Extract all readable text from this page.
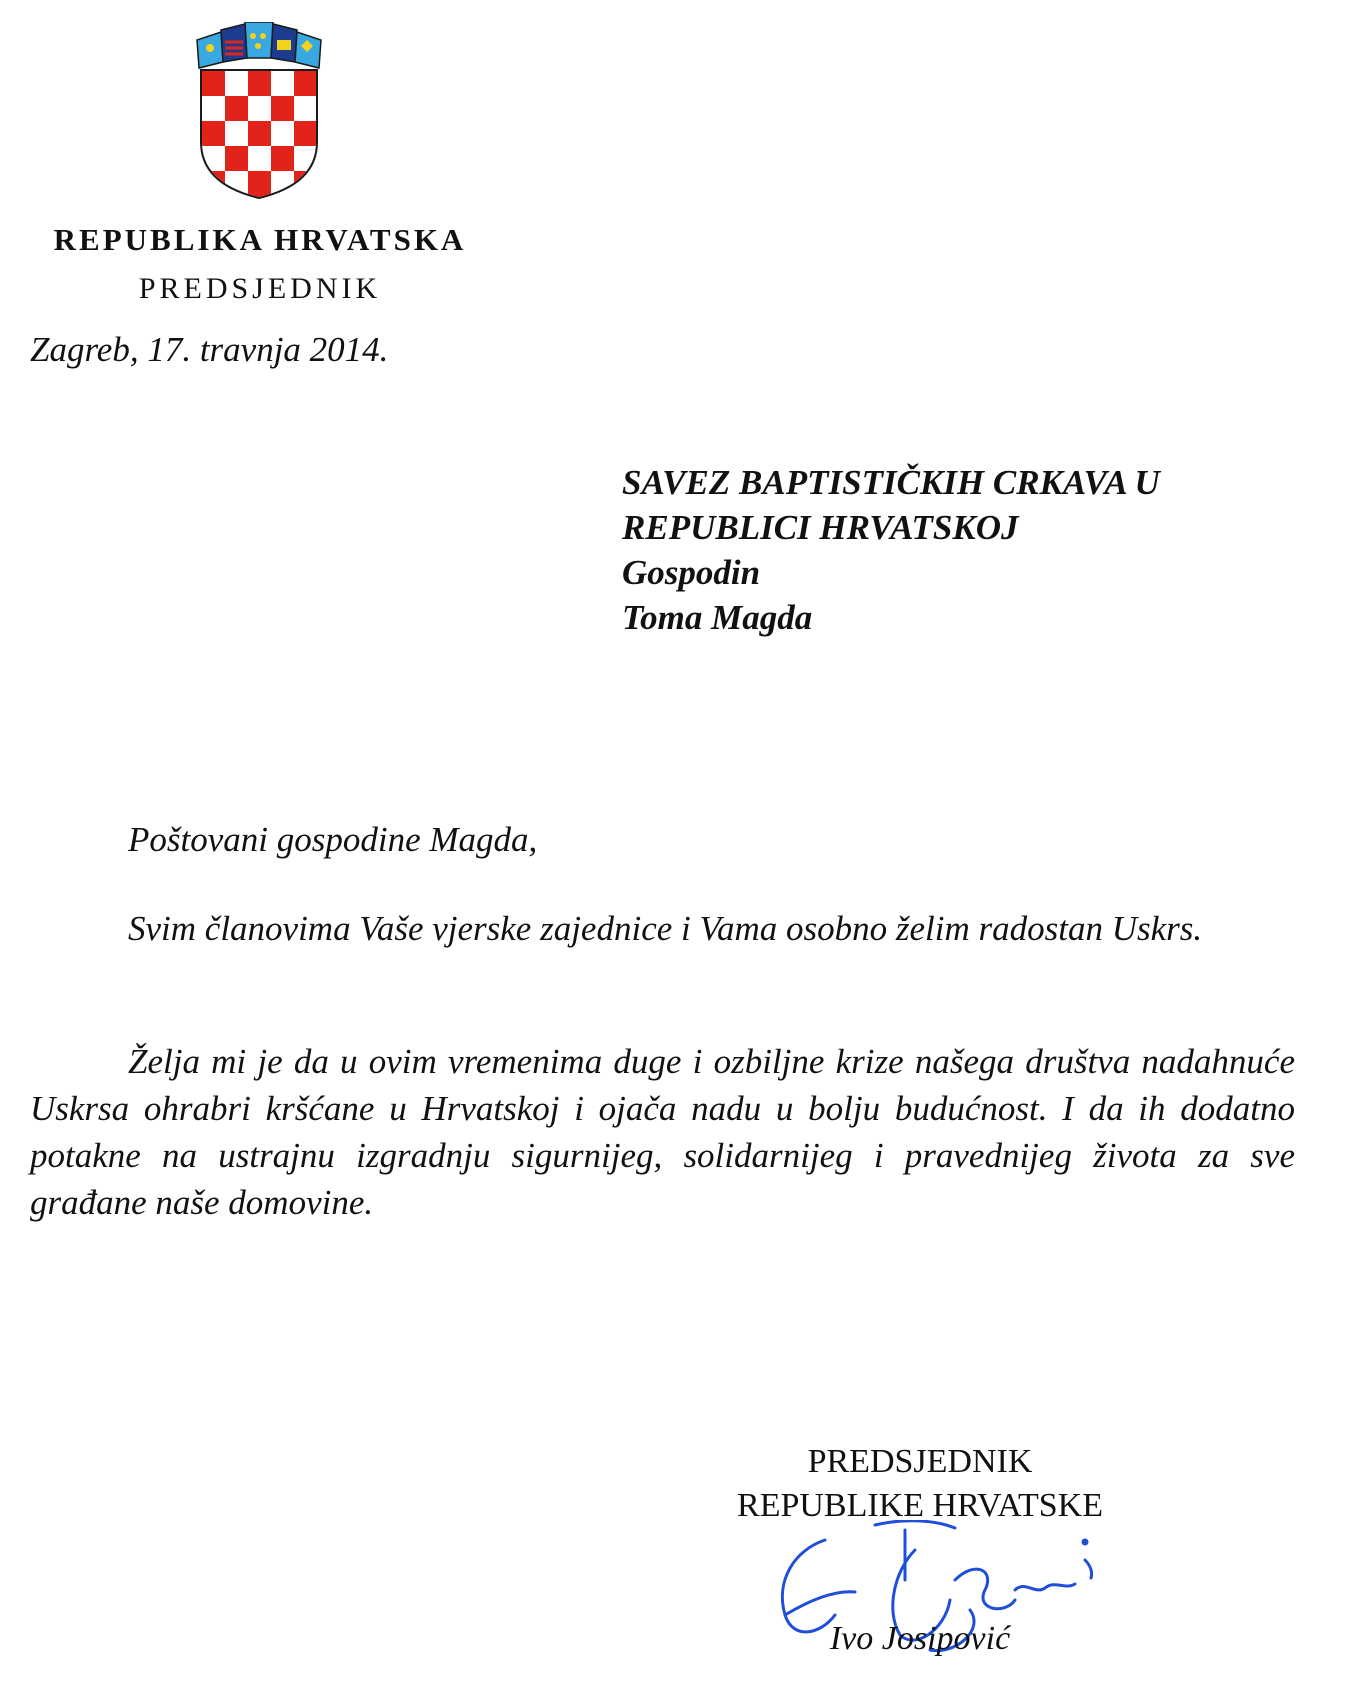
REPUBLIKA HRVATSKA
PREDSJEDNIK
Zagreb, 17. travnja 2014.
SAVEZ BAPTISTIČKIH CRKAVA U
REPUBLICI HRVATSKOJ
Gospodin
Toma Magda
Poštovani gospodine Magda,
Svim članovima Vaše vjerske zajednice i Vama osobno želim radostan Uskrs.
Želja mi je da u ovim vremenima duge i ozbiljne krize našega društva nadahnuće Uskrsa ohrabri kršćane u Hrvatskoj i ojača nadu u bolju budućnost. I da ih dodatno potakne na ustrajnu izgradnju sigurnijeg, solidarnijeg i pravednijeg života za sve građane naše domovine.
PREDSJEDNIK
REPUBLIKE HRVATSKE
Ivo Josipović
